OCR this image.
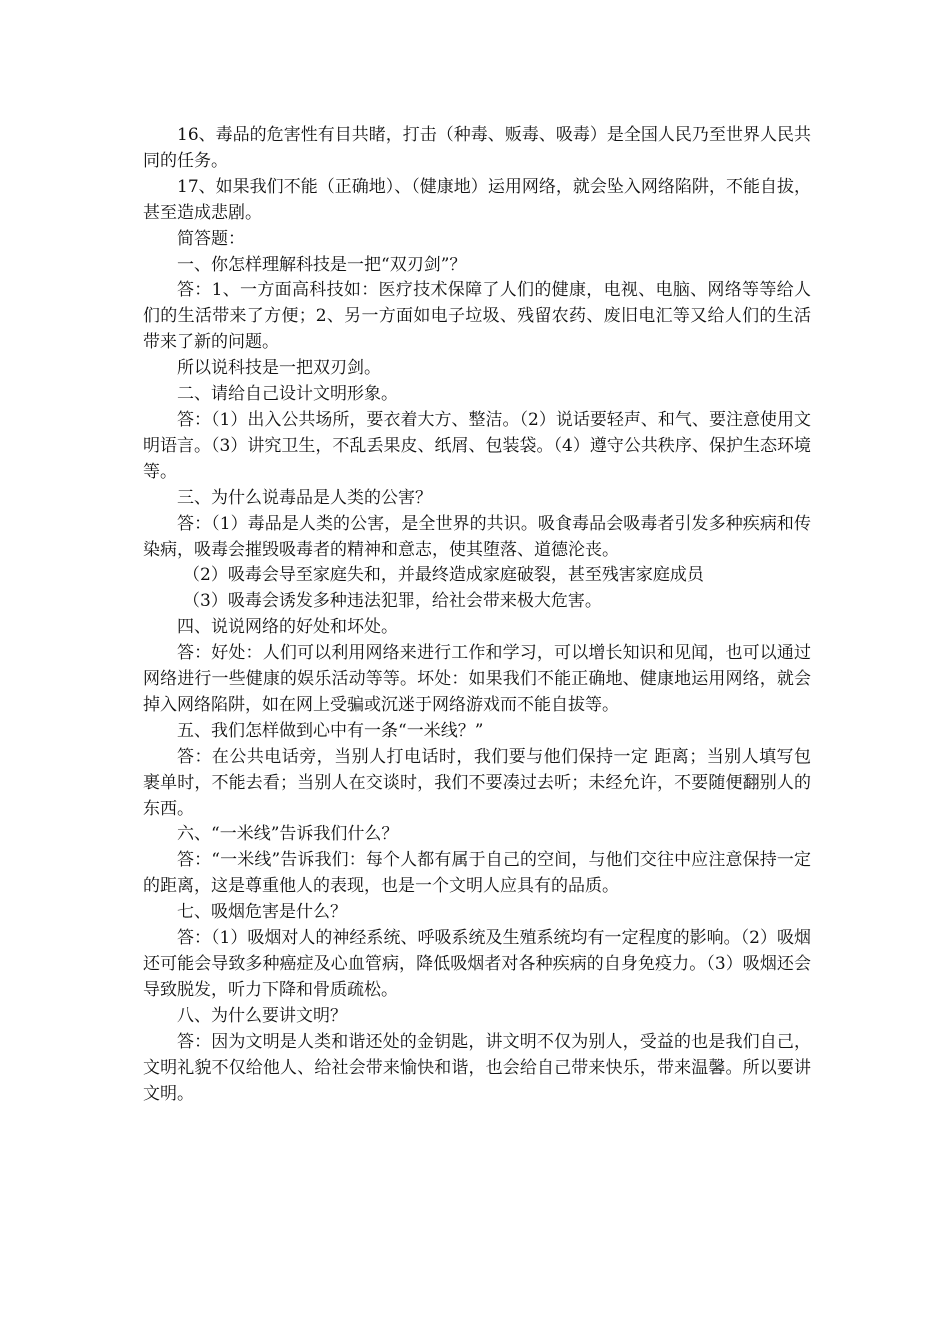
16、毒品的危害性有目共睹，打击（种毒、贩毒、吸毒）是全国人民乃至世界人民共同的任务。

17、如果我们不能（正确地）、（健康地）运用网络，就会坠入网络陷阱，不能自拔，甚至造成悲剧。

简答题：

一、你怎样理解科技是一把“双刃剑”？

答：1、一方面高科技如：医疗技术保障了人们的健康，电视、电脑、网络等等给人们的生活带来了方便；2、另一方面如电子垃圾、残留农药、废旧电汇等又给人们的生活带来了新的问题。

所以说科技是一把双刃剑。

二、请给自己设计文明形象。

答：（1）出入公共场所，要衣着大方、整洁。（2）说话要轻声、和气、要注意使用文明语言。（3）讲究卫生，不乱丢果皮、纸屑、包装袋。（4）遵守公共秩序、保护生态环境等。

三、为什么说毒品是人类的公害？

答：（1）毒品是人类的公害，是全世界的共识。吸食毒品会吸毒者引发多种疾病和传染病，吸毒会摧毁吸毒者的精神和意志，使其堕落、道德沦丧。

（2）吸毒会导至家庭失和，并最终造成家庭破裂，甚至残害家庭成员

（3）吸毒会诱发多种违法犯罪，给社会带来极大危害。

四、说说网络的好处和坏处。

答：好处：人们可以利用网络来进行工作和学习，可以增长知识和见闻，也可以通过网络进行一些健康的娱乐活动等等。坏处：如果我们不能正确地、健康地运用网络，就会掉入网络陷阱，如在网上受骗或沉迷于网络游戏而不能自拔等。

五、我们怎样做到心中有一条“一米线？”

答：在公共电话旁，当别人打电话时，我们要与他们保持一定 距离；当别人填写包裹单时，不能去看；当别人在交谈时，我们不要凑过去听；未经允许，不要随便翻别人的东西。

六、“一米线”告诉我们什么？

答：“一米线”告诉我们：每个人都有属于自己的空间，与他们交往中应注意保持一定的距离，这是尊重他人的表现，也是一个文明人应具有的品质。

七、吸烟危害是什么？

答：（1）吸烟对人的神经系统、呼吸系统及生殖系统均有一定程度的影响。（2）吸烟还可能会导致多种癌症及心血管病，降低吸烟者对各种疾病的自身免疫力。（3）吸烟还会导致脱发，听力下降和骨质疏松。

八、为什么要讲文明？

答：因为文明是人类和谐还处的金钥匙，讲文明不仅为别人，受益的也是我们自己，文明礼貌不仅给他人、给社会带来愉快和谐，也会给自己带来快乐，带来温馨。所以要讲文明。
